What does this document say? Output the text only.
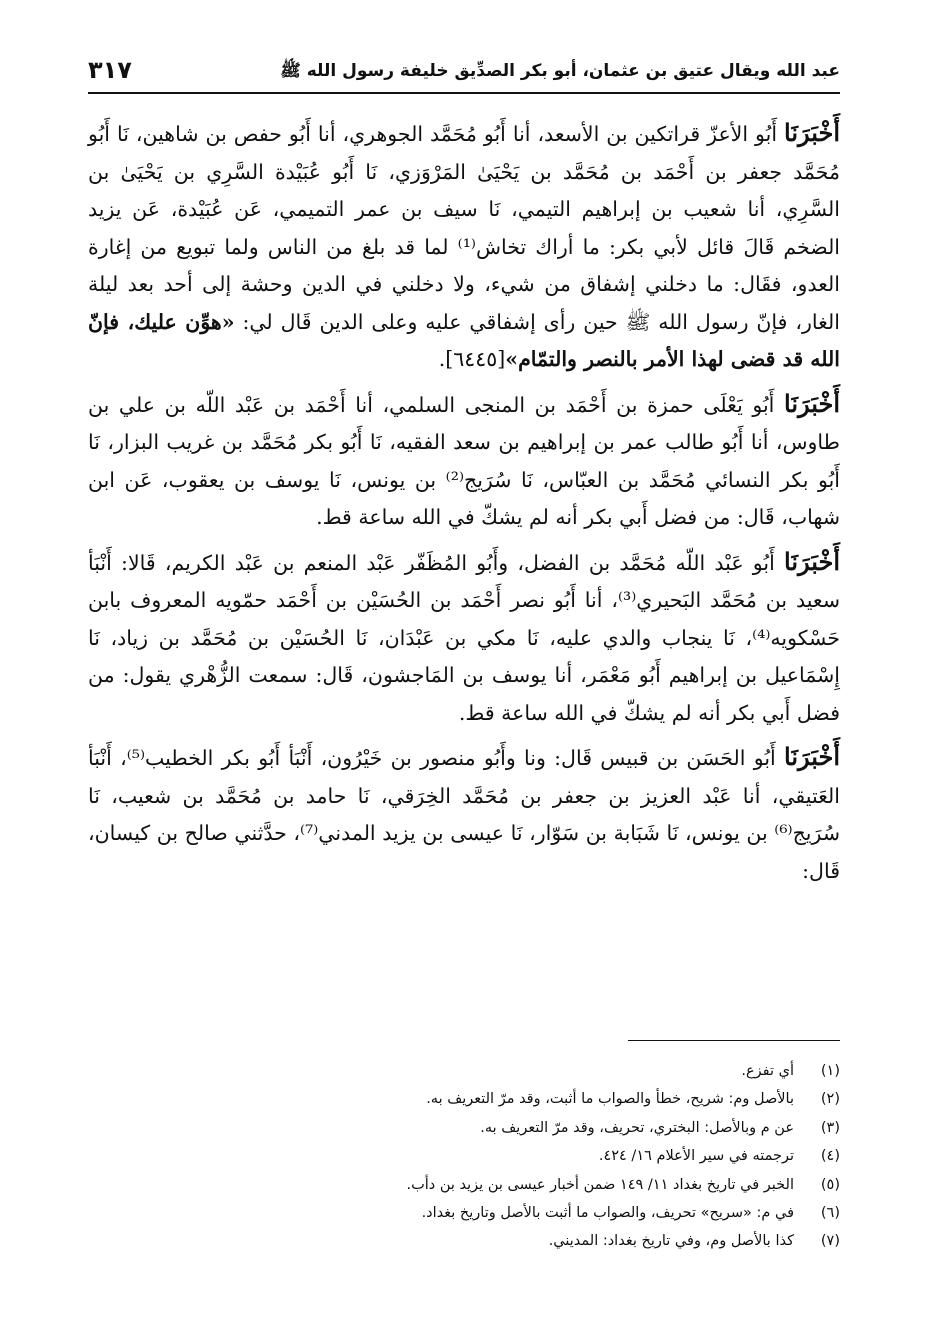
٣١٧	عبد الله ويقال عتيق بن عثمان، أبو بكر الصدِّيق خليفة رسول الله ﷺ

أَخْبَرَنَا أَبُو الأعزّ قراتكين بن الأسعد، أنا أَبُو مُحَمَّد الجوهري، أنا أَبُو حفص بن شاهين، نَا أَبُو مُحَمَّد جعفر بن أَحْمَد بن مُحَمَّد بن يَحْيَىٰ المَرْوَزي، نَا أَبُو عُبَيْدة السَّرِي بن يَحْيَىٰ بن السَّرِي، أنا شعيب بن إبراهيم التيمي، نَا سيف بن عمر التميمي، عَن عُبَيْدة، عَن يزيد الضخم قَالَ قائل لأبي بكر: ما أراك تخاش⁽¹⁾ لما قد بلغ من الناس ولما تبويع من إغارة العدو، فقَال: ما دخلني إشفاق من شيء، ولا دخلني في الدين وحشة إلى أحد بعد ليلة الغار، فإنّ رسول الله ﷺ حين رأى إشفاقي عليه وعلى الدين قَال لي: «هوِّن عليك، فإنّ الله قد قضى لهذا الأمر بالنصر والتمّام»[٦٤٤٥].

أَخْبَرَنَا أَبُو يَعْلَى حمزة بن أَحْمَد بن المنجى السلمي، أنا أَحْمَد بن عَبْد اللّه بن علي بن طاوس، أنا أَبُو طالب عمر بن إبراهيم بن سعد الفقيه، نَا أَبُو بكر مُحَمَّد بن غريب البزار، نَا أَبُو بكر النسائي مُحَمَّد بن العبّاس، نَا سُرَيج⁽²⁾ بن يونس، نَا يوسف بن يعقوب، عَن ابن شهاب، قَال: من فضل أَبي بكر أنه لم يشكّ في الله ساعة قط.

أَخْبَرَنَا أَبُو عَبْد اللّه مُحَمَّد بن الفضل، وأَبُو المُظَفّر عَبْد المنعم بن عَبْد الكريم، قَالا: أَنْبَأ سعيد بن مُحَمَّد البَحيري⁽³⁾، أنا أَبُو نصر أَحْمَد بن الحُسَيْن بن أَحْمَد حمّويه المعروف بابن حَسْكويه⁽⁴⁾، نَا ينجاب والدي عليه، نَا مكي بن عَبْدَان، نَا الحُسَيْن بن مُحَمَّد بن زياد، نَا إِسْمَاعيل بن إبراهيم أَبُو مَعْمَر، أنا يوسف بن المَاجشون، قَال: سمعت الزُّهْري يقول: من فضل أَبي بكر أنه لم يشكّ في الله ساعة قط.

أَخْبَرَنَا أَبُو الحَسَن بن قبيس قَال: ونا وأَبُو منصور بن خَيْرُون، أَنْبَأ أَبُو بكر الخطيب⁽⁵⁾، أَنْبَأ العَتيقي، أنا عَبْد العزيز بن جعفر بن مُحَمَّد الخِرَقي، نَا حامد بن مُحَمَّد بن شعيب، نَا سُرَيج⁽⁶⁾ بن يونس، نَا شَبَابة بن سَوّار، نَا عيسى بن يزيد المدني⁽⁷⁾، حدَّثني صالح بن كيسان، قَال:

(١)
أي تفزع.
(٢)
بالأصل وم: شريح، خطأ والصواب ما أثبت، وقد مرّ التعريف به.
(٣)
عن م وبالأصل: البختري، تحريف، وقد مرّ التعريف به.
(٤)
ترجمته في سير الأعلام ١٦/ ٤٢٤.
(٥)
الخبر في تاريخ بغداد ١١/ ١٤٩ ضمن أخبار عيسى بن يزيد بن دأب.
(٦)
في م: «سريح» تحريف، والصواب ما أثبت بالأصل وتاريخ بغداد.
(٧)
كذا بالأصل وم، وفي تاريخ بغداد: المديني.
